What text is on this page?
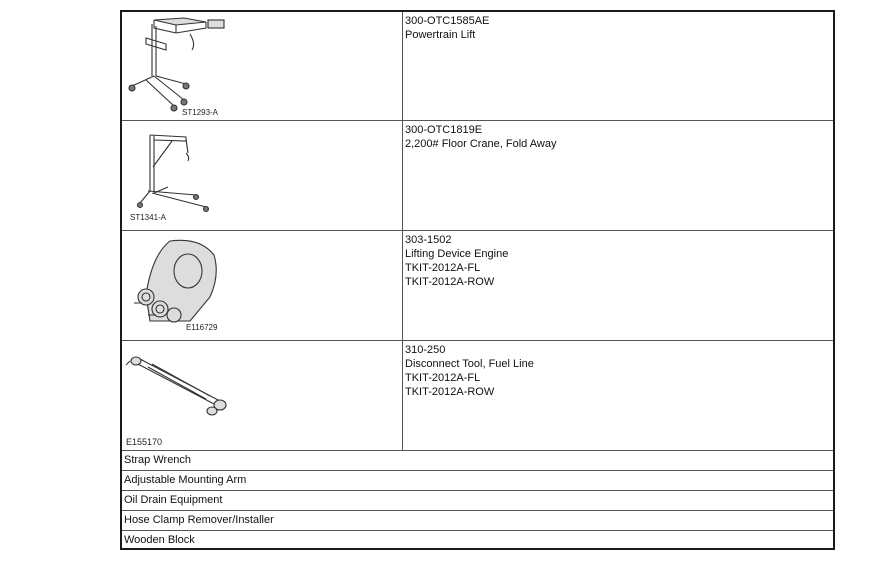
ST1293-A
300-OTC1585AE
Powertrain Lift
ST1341-A
300-OTC1819E
2,200# Floor Crane, Fold Away
E116729
303-1502
Lifting Device Engine
TKIT-2012A-FL
TKIT-2012A-ROW
E155170
310-250
Disconnect Tool, Fuel Line
TKIT-2012A-FL
TKIT-2012A-ROW
Strap Wrench
Adjustable Mounting Arm
Oil Drain Equipment
Hose Clamp Remover/Installer
Wooden Block
